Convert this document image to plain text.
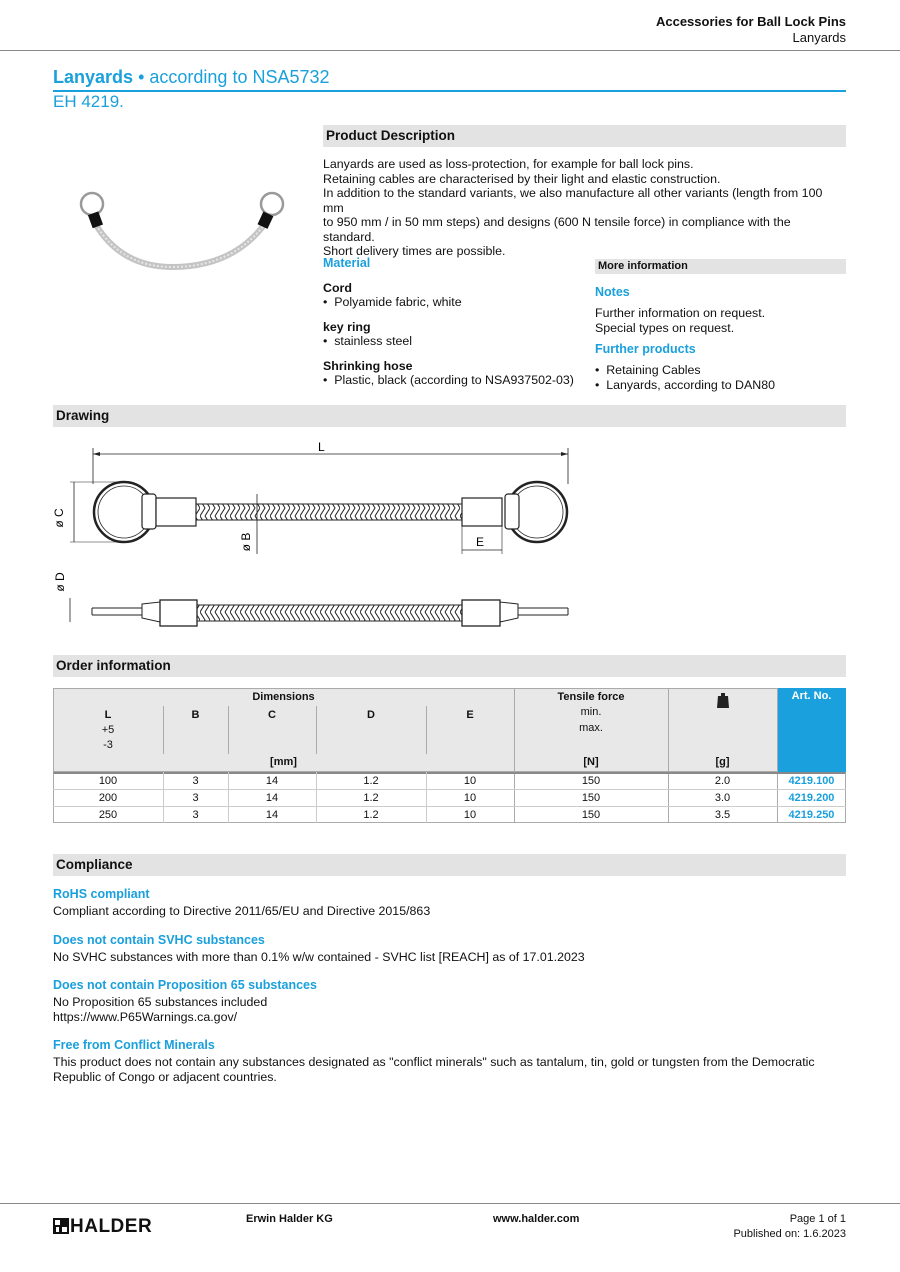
Accessories for Ball Lock Pins
Lanyards
Lanyards • according to NSA5732
EH 4219.
Product Description
Lanyards are used as loss-protection, for example for ball lock pins.
Retaining cables are characterised by their light and elastic construction.
In addition to the standard variants, we also manufacture all other variants (length from 100 mm
to 950 mm / in 50 mm steps) and designs (600 N tensile force) in compliance with the standard.
Short delivery times are possible.
Material
Cord
•  Polyamide fabric, white
key ring
•  stainless steel
Shrinking hose
•  Plastic, black (according to NSA937502-03)
More information
Notes
Further information on request.
Special types on request.
Further products
•  Retaining Cables
•  Lanyards, according to DAN80
Drawing
L
ø C
ø B	E
ø D
Order information
Art. No.
Dimensions	Tensile force
min.
max.
L
+5
-3
B	C	D	E
[mm]	[N]	[g]
100	3	14	1.2	10	150	2.0	4219.100
200	3	14	1.2	10	150	3.0	4219.200
250	3	14	1.2	10	150	3.5	4219.250
Compliance
RoHS compliant
Compliant according to Directive 2011/65/EU and Directive 2015/863
Does not contain SVHC substances
No SVHC substances with more than 0.1% w/w contained - SVHC list [REACH] as of 17.01.2023
Does not contain Proposition 65 substances
No Proposition 65 substances included
https://www.P65Warnings.ca.gov/
Free from Conflict Minerals
This product does not contain any substances designated as "conflict minerals" such as tantalum, tin, gold or tungsten from the Democratic
Republic of Congo or adjacent countries.
HALDER	Erwin Halder KG	www.halder.com	Page 1 of 1
Published on: 1.6.2023
